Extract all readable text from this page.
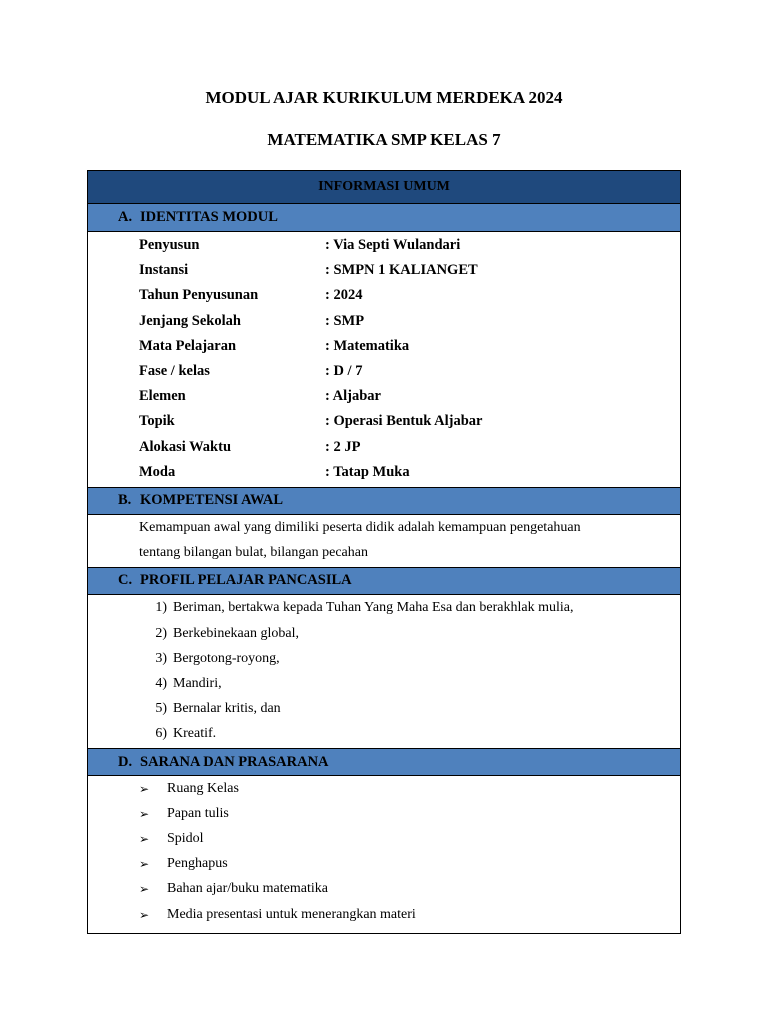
MODUL AJAR KURIKULUM MERDEKA 2024
MATEMATIKA SMP KELAS 7
INFORMASI UMUM
A. IDENTITAS MODUL
Penyusun	: Via Septi Wulandari
Instansi	: SMPN 1 KALIANGET
Tahun Penyusunan	: 2024
Jenjang Sekolah	: SMP
Mata Pelajaran	: Matematika
Fase / kelas	: D / 7
Elemen	: Aljabar
Topik	: Operasi Bentuk Aljabar
Alokasi Waktu	: 2 JP
Moda	: Tatap Muka
B. KOMPETENSI AWAL
Kemampuan awal yang dimiliki peserta didik adalah kemampuan pengetahuan
tentang bilangan bulat, bilangan pecahan
C. PROFIL PELAJAR PANCASILA
1) Beriman, bertakwa kepada Tuhan Yang Maha Esa dan berakhlak mulia,
2) Berkebinekaan global,
3) Bergotong-royong,
4) Mandiri,
5) Bernalar kritis, dan
6) Kreatif.
D. SARANA DAN PRASARANA
➢	Ruang Kelas
➢	Papan tulis
➢	Spidol
➢	Penghapus
➢	Bahan ajar/buku matematika
➢	Media presentasi untuk menerangkan materi
